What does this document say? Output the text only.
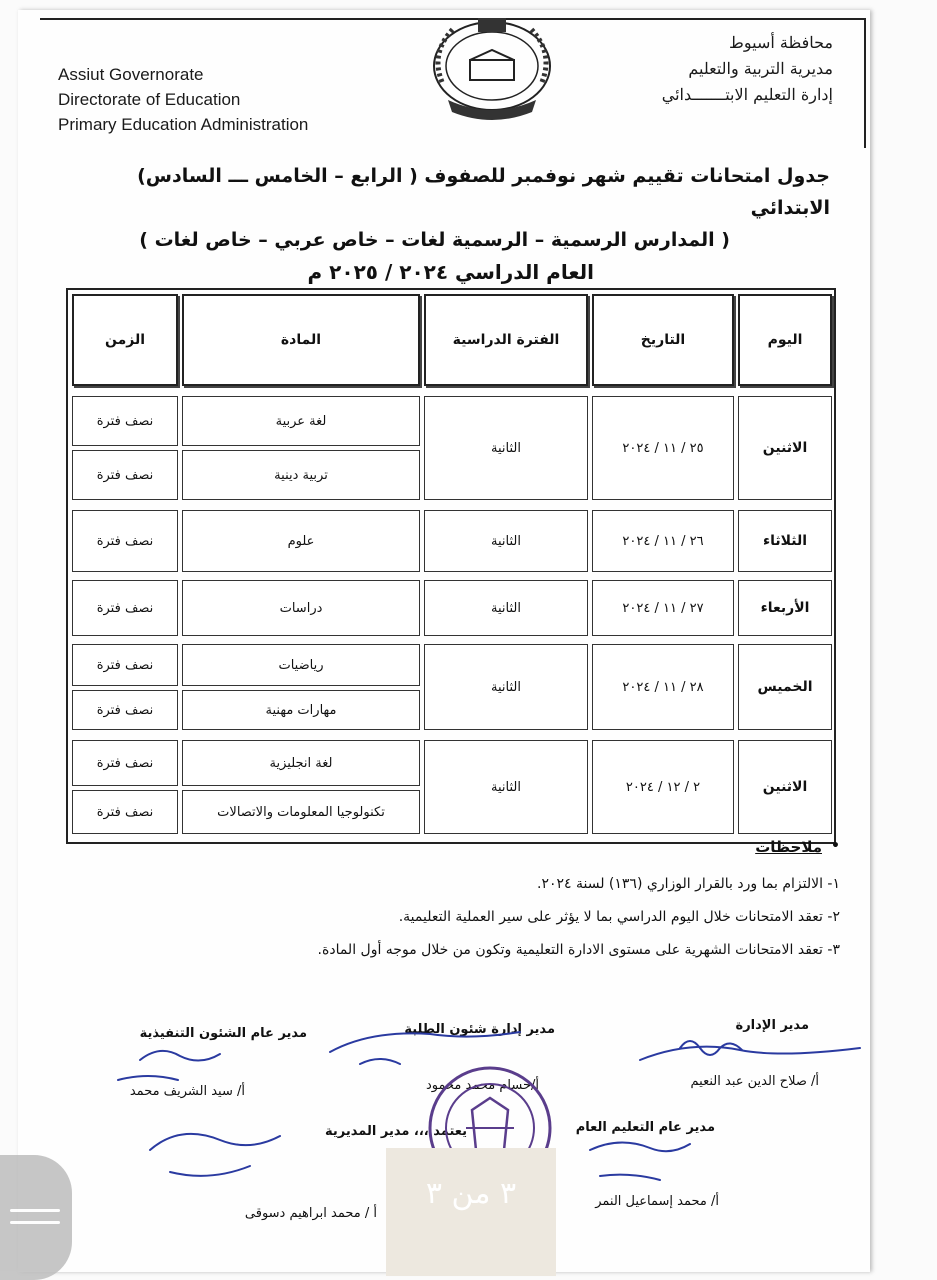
Assiut Governorate
Directorate of Education
Primary Education Administration
محافظة أسيوط
مديرية التربية والتعليم
إدارة التعليم الابتـــــــدائي
جدول امتحانات تقييم شهر نوفمبر للصفوف ( الرابع – الخامس ـــ السادس) الابتدائي
( المدارس الرسمية – الرسمية لغات – خاص عربي – خاص لغات )
العام الدراسي ٢٠٢٤ / ٢٠٢٥ م
اليوم
التاريخ
الفترة الدراسية
المادة
الزمن
الاثنين
٢٥ / ١١ / ٢٠٢٤
الثانية
لغة عربية
نصف فترة
تربية دينية
نصف فترة
الثلاثاء
٢٦ / ١١ / ٢٠٢٤
الثانية
علوم
نصف فترة
الأربعاء
٢٧ / ١١ / ٢٠٢٤
الثانية
دراسات
نصف فترة
الخميس
٢٨ / ١١ / ٢٠٢٤
الثانية
رياضيات
نصف فترة
مهارات مهنية
نصف فترة
الاثنين
٢ / ١٢ / ٢٠٢٤
الثانية
لغة انجليزية
نصف فترة
تكنولوجيا المعلومات والاتصالات
نصف فترة
ملاحظات •
١- الالتزام بما ورد بالقرار الوزاري (١٣٦) لسنة ٢٠٢٤.
٢- تعقد الامتحانات خلال اليوم الدراسي بما لا يؤثر على سير العملية التعليمية.
٣- تعقد الامتحانات الشهرية على مستوى الادارة التعليمية وتكون من خلال موجه أول المادة.
مدير الإدارة
مدير إدارة شئون الطلبة
مدير عام الشئون التنفيذية
أ/ صلاح الدين عبد النعيم
أ/حسام محمد محمود
أ/ سيد الشريف محمد
مدير عام التعليم العام
يعتمد ،،، مدير المديرية
أ/ محمد إسماعيل النمر
أ / محمد ابراهيم دسوقى
٣ من ٣
